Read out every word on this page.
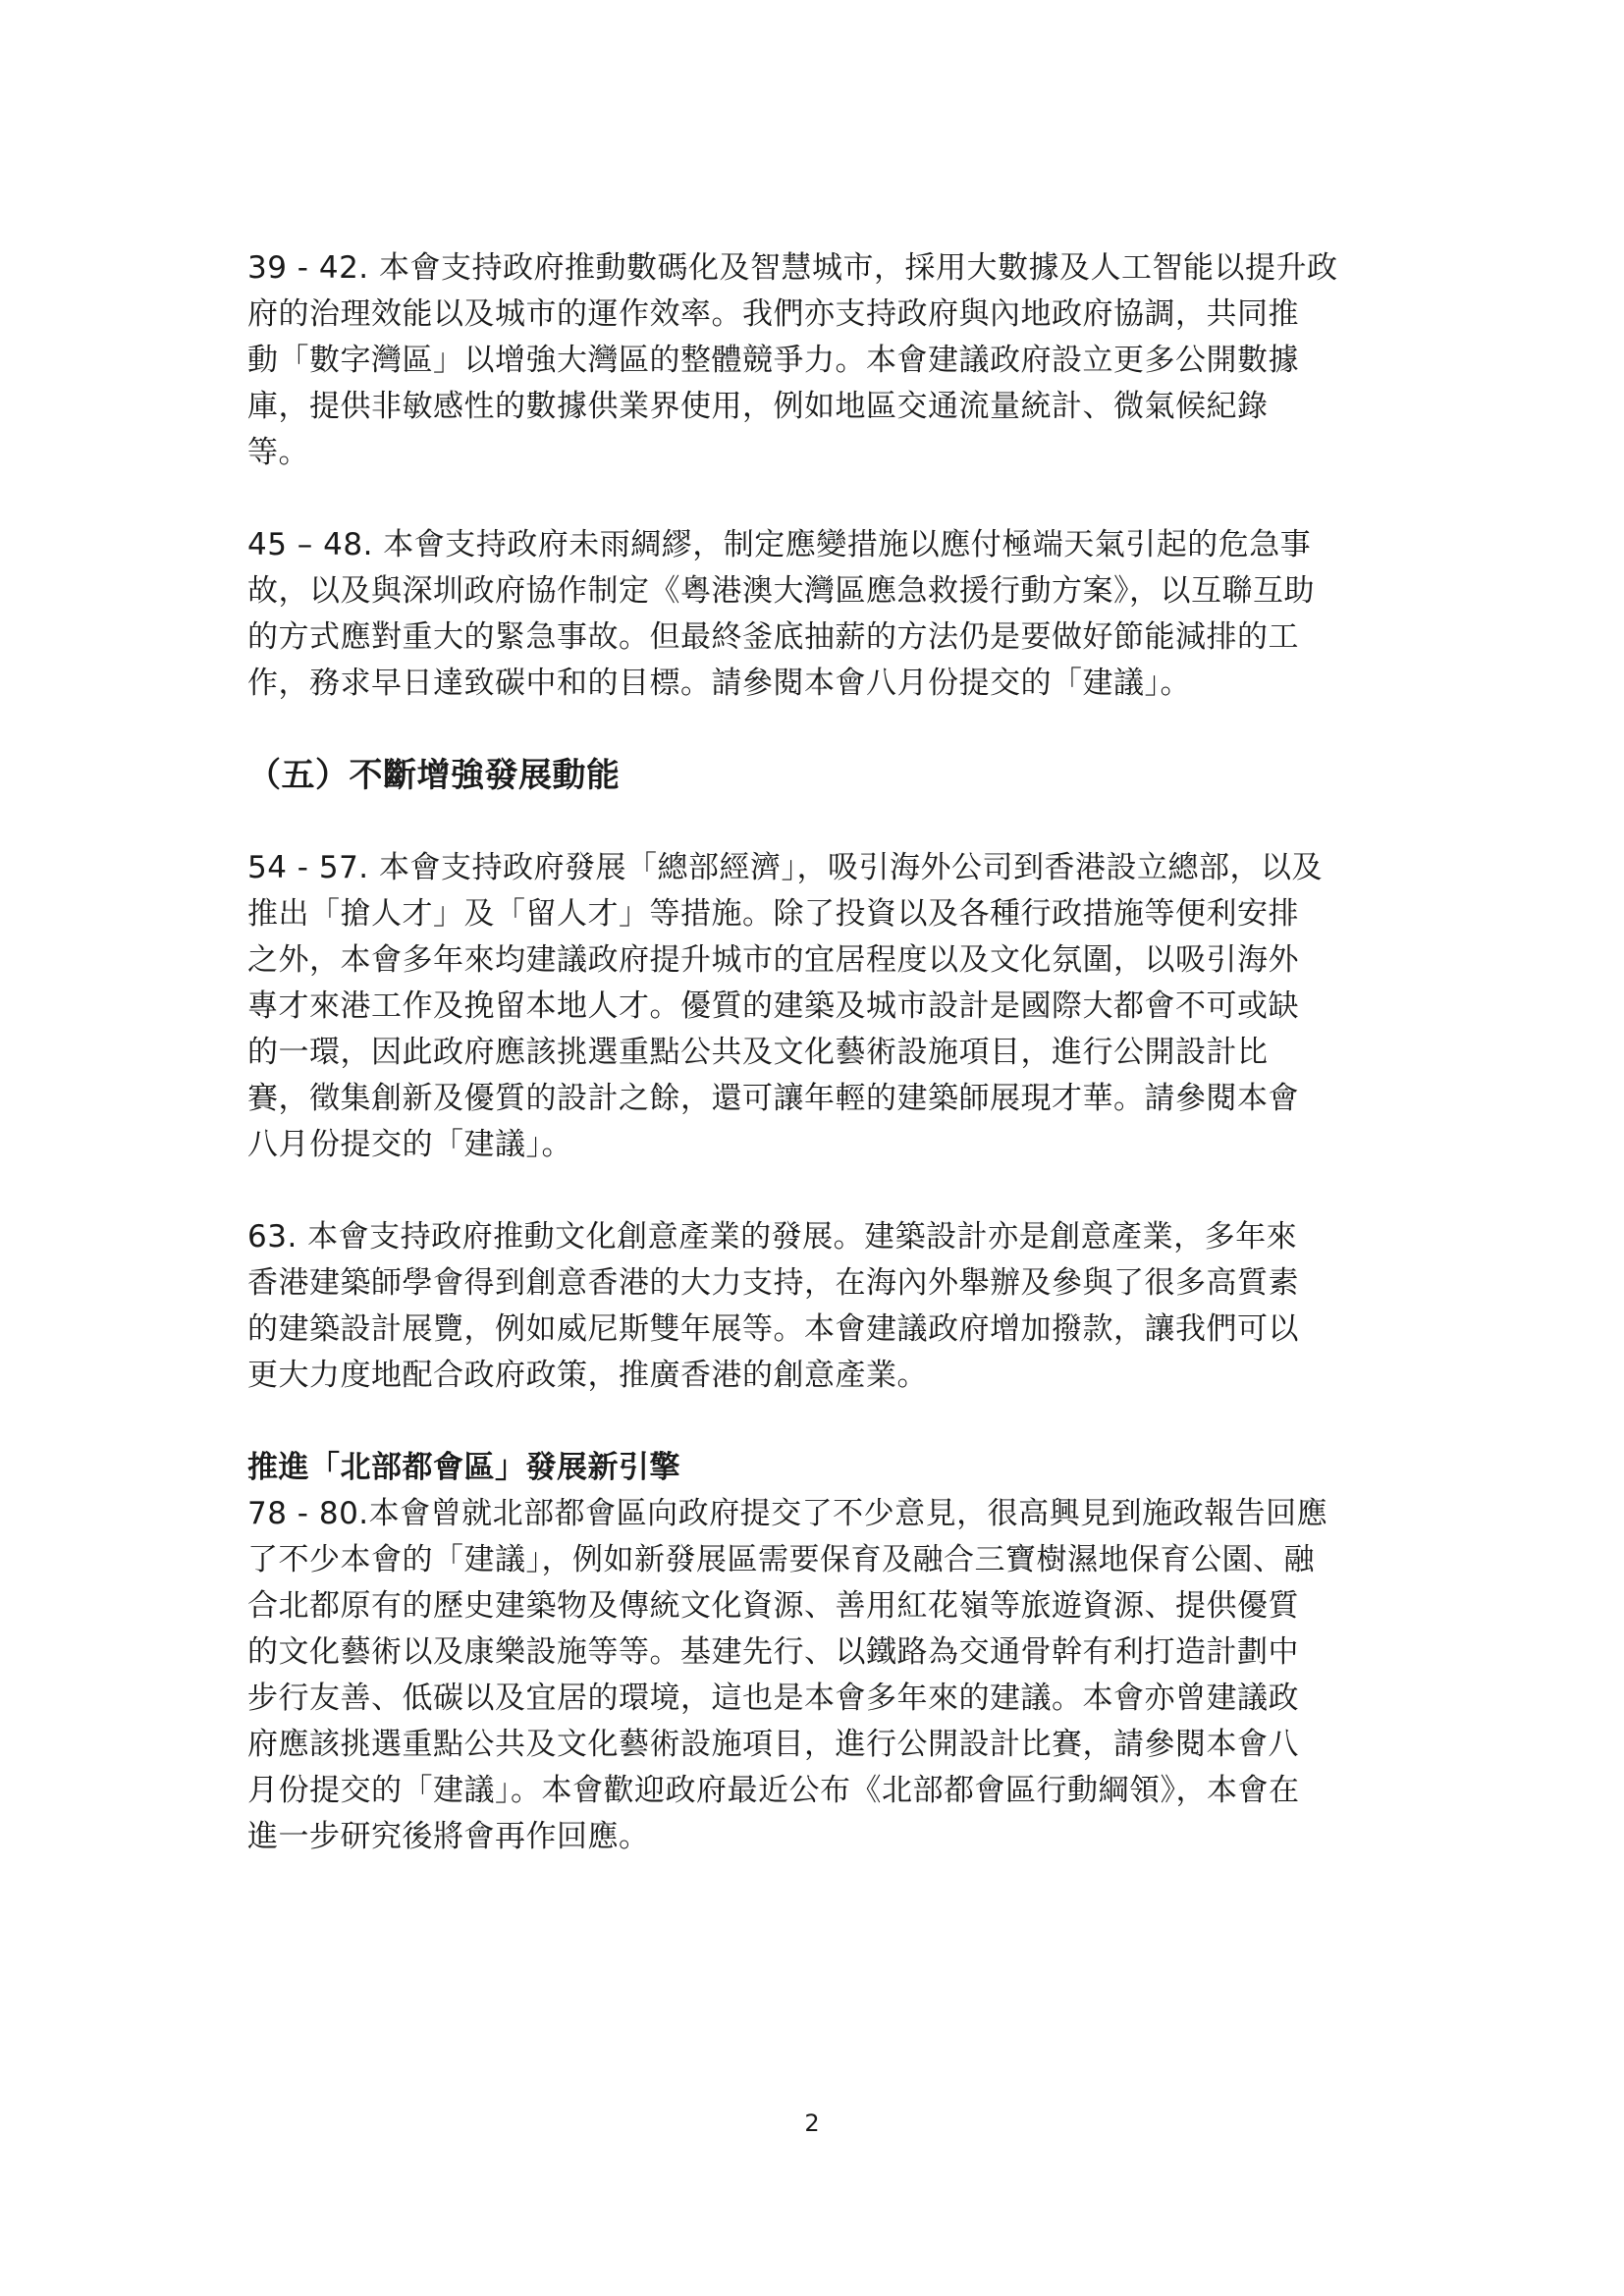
39 - 42. 本會支持政府推動數碼化及智慧城市，採用大數據及人工智能以提升政
府的治理效能以及城市的運作效率。我們亦支持政府與內地政府協調，共同推
動「數字灣區」以增強大灣區的整體競爭力。本會建議政府設立更多公開數據
庫，提供非敏感性的數據供業界使用，例如地區交通流量統計、微氣候紀錄
等。

45 – 48. 本會支持政府未雨綢繆，制定應變措施以應付極端天氣引起的危急事
故，以及與深圳政府協作制定《粵港澳大灣區應急救援行動方案》，以互聯互助
的方式應對重大的緊急事故。但最終釜底抽薪的方法仍是要做好節能減排的工
作，務求早日達致碳中和的目標。請參閱本會八月份提交的「建議」。

（五）不斷增強發展動能

54 - 57. 本會支持政府發展「總部經濟」，吸引海外公司到香港設立總部，以及
推出「搶人才」及「留人才」等措施。除了投資以及各種行政措施等便利安排
之外，本會多年來均建議政府提升城市的宜居程度以及文化氛圍，以吸引海外
專才來港工作及挽留本地人才。優質的建築及城市設計是國際大都會不可或缺
的一環，因此政府應該挑選重點公共及文化藝術設施項目，進行公開設計比
賽，徵集創新及優質的設計之餘，還可讓年輕的建築師展現才華。請參閱本會
八月份提交的「建議」。

63. 本會支持政府推動文化創意產業的發展。建築設計亦是創意產業，多年來
香港建築師學會得到創意香港的大力支持，在海內外舉辦及參與了很多高質素
的建築設計展覽，例如威尼斯雙年展等。本會建議政府增加撥款，讓我們可以
更大力度地配合政府政策，推廣香港的創意產業。

推進「北部都會區」發展新引擎

78 - 80.本會曾就北部都會區向政府提交了不少意見，很高興見到施政報告回應
了不少本會的「建議」，例如新發展區需要保育及融合三寶樹濕地保育公園、融
合北都原有的歷史建築物及傳統文化資源、善用紅花嶺等旅遊資源、提供優質
的文化藝術以及康樂設施等等。基建先行、以鐵路為交通骨幹有利打造計劃中
步行友善、低碳以及宜居的環境，這也是本會多年來的建議。本會亦曾建議政
府應該挑選重點公共及文化藝術設施項目，進行公開設計比賽，請參閱本會八
月份提交的「建議」。本會歡迎政府最近公布《北部都會區行動綱領》，本會在
進一步研究後將會再作回應。

2
